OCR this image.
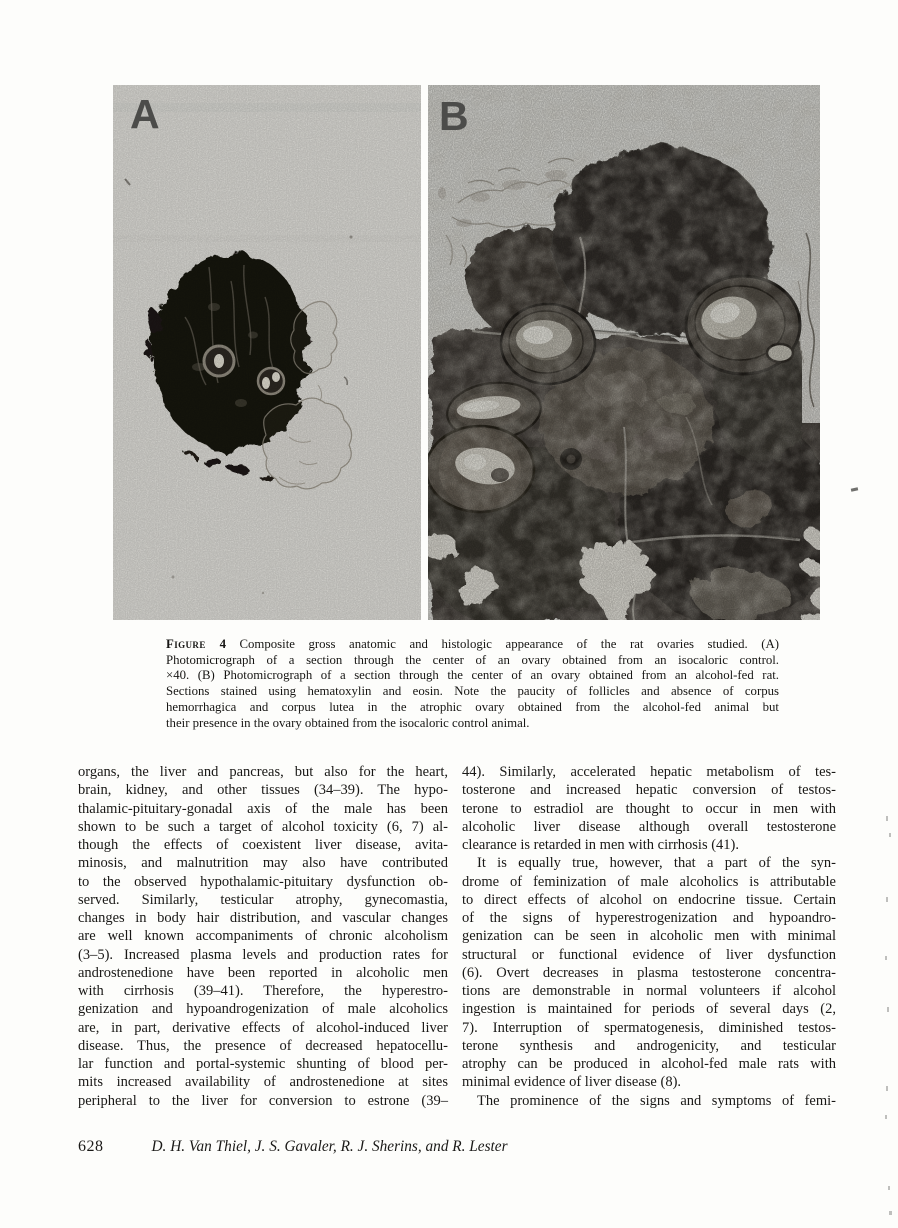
A	B
Figure 4 Composite gross anatomic and histologic appearance of the rat ovaries studied. (A)
Photomicrograph of a section through the center of an ovary obtained from an isocaloric control.
×40. (B) Photomicrograph of a section through the center of an ovary obtained from an alcohol-fed rat.
Sections stained using hematoxylin and eosin. Note the paucity of follicles and absence of corpus
hemorrhagica and corpus lutea in the atrophic ovary obtained from the alcohol-fed animal but
their presence in the ovary obtained from the isocaloric control animal.
organs, the liver and pancreas, but also for the heart,
brain, kidney, and other tissues (34–39). The hypo-
thalamic-pituitary-gonadal axis of the male has been
shown to be such a target of alcohol toxicity (6, 7) al-
though the effects of coexistent liver disease, avita-
minosis, and malnutrition may also have contributed
to the observed hypothalamic-pituitary dysfunction ob-
served. Similarly, testicular atrophy, gynecomastia,
changes in body hair distribution, and vascular changes
are well known accompaniments of chronic alcoholism
(3–5). Increased plasma levels and production rates for
androstenedione have been reported in alcoholic men
with cirrhosis (39–41). Therefore, the hyperestro-
genization and hypoandrogenization of male alcoholics
are, in part, derivative effects of alcohol-induced liver
disease. Thus, the presence of decreased hepatocellu-
lar function and portal-systemic shunting of blood per-
mits increased availability of androstenedione at sites
peripheral to the liver for conversion to estrone (39–
44). Similarly, accelerated hepatic metabolism of tes-
tosterone and increased hepatic conversion of testos-
terone to estradiol are thought to occur in men with
alcoholic liver disease although overall testosterone
clearance is retarded in men with cirrhosis (41).
It is equally true, however, that a part of the syn-
drome of feminization of male alcoholics is attributable
to direct effects of alcohol on endocrine tissue. Certain
of the signs of hyperestrogenization and hypoandro-
genization can be seen in alcoholic men with minimal
structural or functional evidence of liver dysfunction
(6). Overt decreases in plasma testosterone concentra-
tions are demonstrable in normal volunteers if alcohol
ingestion is maintained for periods of several days (2,
7). Interruption of spermatogenesis, diminished testos-
terone synthesis and androgenicity, and testicular
atrophy can be produced in alcohol-fed male rats with
minimal evidence of liver disease (8).
The prominence of the signs and symptoms of femi-
628	D. H. Van Thiel, J. S. Gavaler, R. J. Sherins, and R. Lester
